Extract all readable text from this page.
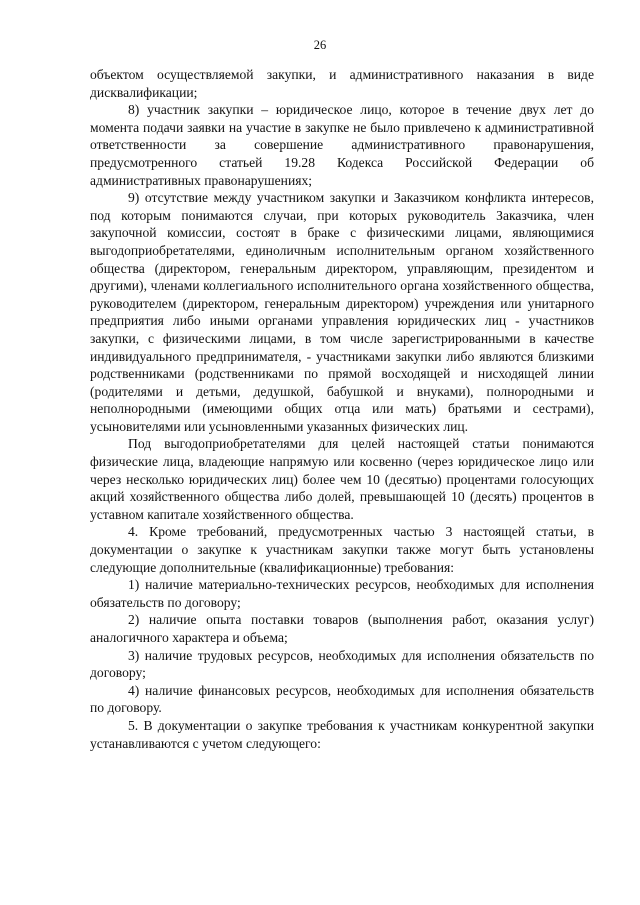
26

объектом осуществляемой закупки, и административного наказания в виде дисквалификации;

8) участник закупки – юридическое лицо, которое в течение двух лет до момента подачи заявки на участие в закупке не было привлечено к административной ответственности за совершение административного правонарушения, предусмотренного статьей 19.28 Кодекса Российской Федерации об административных правонарушениях;

9) отсутствие между участником закупки и Заказчиком конфликта интересов, под которым понимаются случаи, при которых руководитель Заказчика, член закупочной комиссии, состоят в браке с физическими лицами, являющимися выгодоприобретателями, единоличным исполнительным органом хозяйственного общества (директором, генеральным директором, управляющим, президентом и другими), членами коллегиального исполнительного органа хозяйственного общества, руководителем (директором, генеральным директором) учреждения или унитарного предприятия либо иными органами управления юридических лиц - участников закупки, с физическими лицами, в том числе зарегистрированными в качестве индивидуального предпринимателя, - участниками закупки либо являются близкими родственниками (родственниками по прямой восходящей и нисходящей линии (родителями и детьми, дедушкой, бабушкой и внуками), полнородными и неполнородными (имеющими общих отца или мать) братьями и сестрами), усыновителями или усыновленными указанных физических лиц.

Под выгодоприобретателями для целей настоящей статьи понимаются физические лица, владеющие напрямую или косвенно (через юридическое лицо или через несколько юридических лиц) более чем 10 (десятью) процентами голосующих акций хозяйственного общества либо долей, превышающей 10 (десять) процентов в уставном капитале хозяйственного общества.

4. Кроме требований, предусмотренных частью 3 настоящей статьи, в документации о закупке к участникам закупки также могут быть установлены следующие дополнительные (квалификационные) требования:

1) наличие материально-технических ресурсов, необходимых для исполнения обязательств по договору;

2) наличие опыта поставки товаров (выполнения работ, оказания услуг) аналогичного характера и объема;

3) наличие трудовых ресурсов, необходимых для исполнения обязательств по договору;

4) наличие финансовых ресурсов, необходимых для исполнения обязательств по договору.

5. В документации о закупке требования к участникам конкурентной закупки устанавливаются с учетом следующего:
